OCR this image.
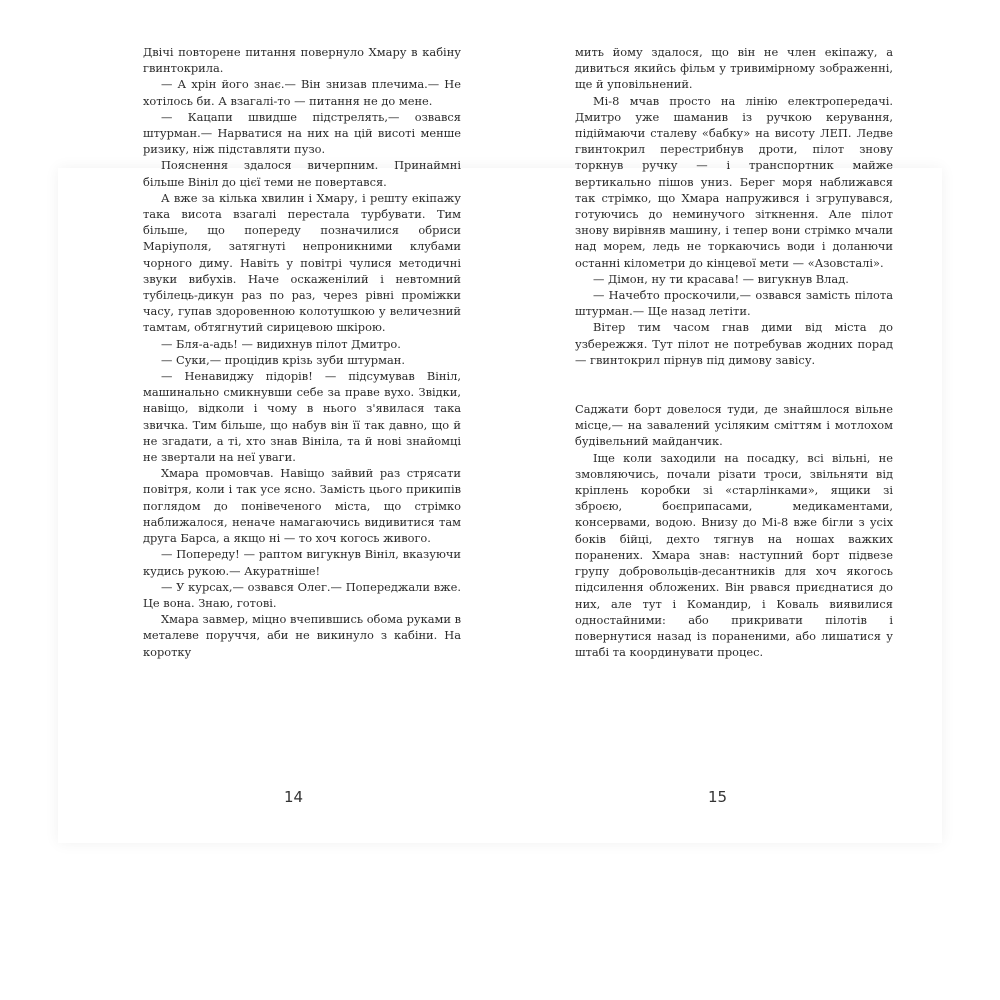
Двічі повторене питання повернуло Хмару в кабіну гвинтокрила.

— А хрін його знає.— Він знизав плечима.— Не хотілось би. А взагалі-то — питання не до мене.

— Кацапи швидше підстрелять,— озвався штурман.— Нарватися на них на цій висоті менше ризику, ніж підставляти пузо.

Пояснення здалося вичерпним. Принаймні більше Вініл до цієї теми не повертався.

А вже за кілька хвилин і Хмару, і решту екіпажу така висота взагалі перестала турбувати. Тим більше, що попереду позначилися обриси Маріуполя, затягнуті непроникними клубами чорного диму. Навіть у повітрі чулися методичні звуки вибухів. Наче оскаженілий і невтомний тубілець-дикун раз по раз, через рівні проміжки часу, гупав здоровенною колотушкою у величезний тамтам, обтягнутий сирицевою шкірою.

— Бля-а-адь! — видихнув пілот Дмитро.

— Суки,— процідив крізь зуби штурман.

— Ненавиджу підорів! — підсумував Вініл, машинально смикнувши себе за праве вухо. Звідки, навіщо, відколи і чому в нього з'явилася така звичка. Тим більше, що набув він її так давно, що й не згадати, а ті, хто знав Вініла, та й нові знайомці не звертали на неї уваги.

Хмара промовчав. Навіщо зайвий раз стрясати повітря, коли і так усе ясно. Замість цього прикипів поглядом до понівеченого міста, що стрімко наближалося, неначе намагаючись видивитися там друга Барса, а якщо ні — то хоч когось живого.

— Попереду! — раптом вигукнув Вініл, вказуючи кудись рукою.— Акуратніше!

— У курсах,— озвався Олег.— Попереджали вже. Це вона. Знаю, готові.

Хмара завмер, міцно вчепившись обома руками в металеве поруччя, аби не викинуло з кабіни. На коротку

мить йому здалося, що він не член екіпажу, а дивиться якийсь фільм у тривимірному зображенні, ще й уповільнений.

Мі-8 мчав просто на лінію електропередачі. Дмитро уже шаманив із ручкою керування, підіймаючи сталеву «бабку» на висоту ЛЕП. Ледве гвинтокрил перестрибнув дроти, пілот знову торкнув ручку — і транспортник майже вертикально пішов униз. Берег моря наближався так стрімко, що Хмара напружився і згрупувався, готуючись до неминучого зіткнення. Але пілот знову вирівняв машину, і тепер вони стрімко мчали над морем, ледь не торкаючись води і доланючи останні кілометри до кінцевої мети — «Азовсталі».

— Дімон, ну ти красава! — вигукнув Влад.

— Начебто проскочили,— озвався замість пілота штурман.— Ще назад летіти.

Вітер тим часом гнав дими від міста до узбережжя. Тут пілот не потребував жодних порад — гвинтокрил пірнув під димову завісу.

Саджати борт довелося туди, де знайшлося вільне місце,— на завалений усіляким сміттям і мотлохом будівельний майданчик.

Іще коли заходили на посадку, всі вільні, не змовляючись, почали різати троси, звільняти від кріплень коробки зі «старлінками», ящики зі зброєю, боєприпасами, медикаментами, консервами, водою. Внизу до Мі-8 вже бігли з усіх боків бійці, дехто тягнув на ношах важких поранених. Хмара знав: наступний борт підвезе групу добровольців-десантників для хоч якогось підсилення обложених. Він рвався приєднатися до них, але тут і Командир, і Коваль виявилися одностайними: або прикривати пілотів і повернутися назад із пораненими, або лишатися у штабі та координувати процес.

14	15
